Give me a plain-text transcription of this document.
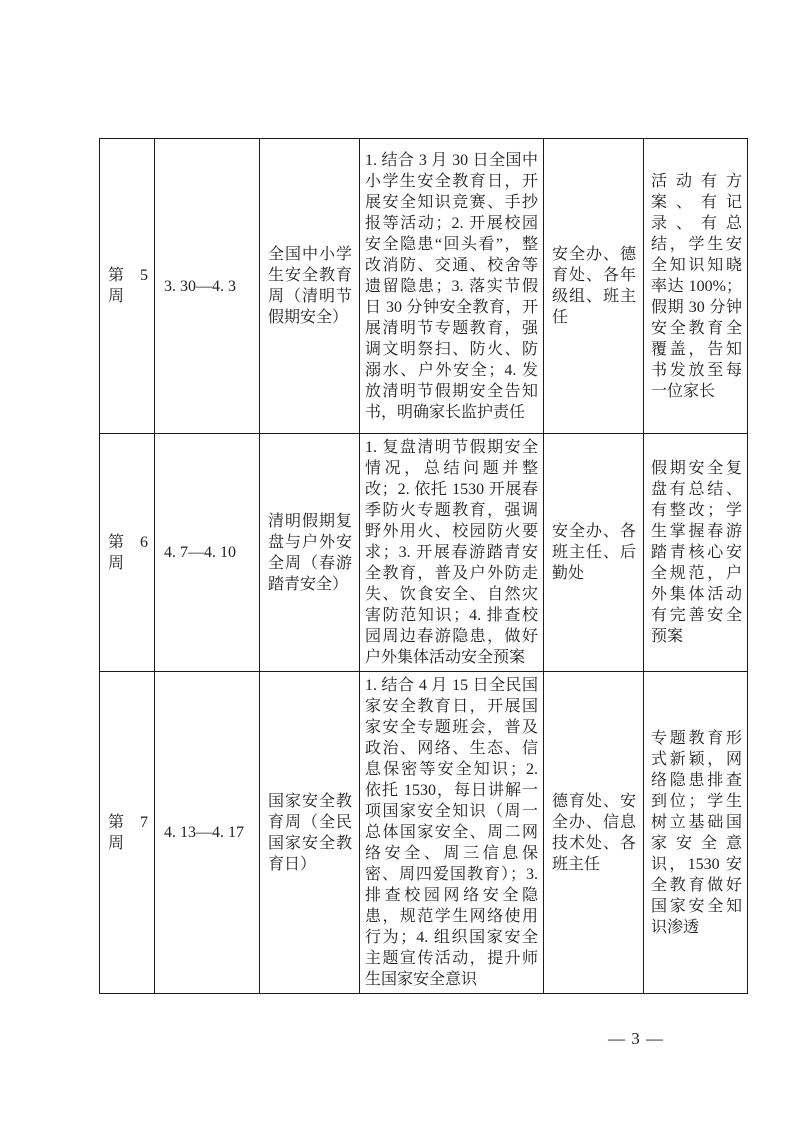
第 5 周	3. 30—4. 3	全国中小学生安全教育周（清明节假期安全）	1. 结合 3 月 30 日全国中小学生安全教育日，开展安全知识竞赛、手抄报等活动；2. 开展校园安全隐患“回头看”，整改消防、交通、校舍等遗留隐患；3. 落实节假日 30 分钟安全教育，开展清明节专题教育，强调文明祭扫、防火、防溺水、户外安全；4. 发放清明节假期安全告知书，明确家长监护责任	安全办、德育处、各年级组、班主任	活动有方案、有记录、有总结，学生安全知识知晓率达 100%；假期 30 分钟安全教育全覆盖，告知书发放至每一位家长
第 6 周	4. 7—4. 10	清明假期复盘与户外安全周（春游踏青安全）	1. 复盘清明节假期安全情况，总结问题并整改；2. 依托 1530 开展春季防火专题教育，强调野外用火、校园防火要求；3. 开展春游踏青安全教育，普及户外防走失、饮食安全、自然灾害防范知识；4. 排查校园周边春游隐患，做好户外集体活动安全预案	安全办、各班主任、后勤处	假期安全复盘有总结、有整改；学生掌握春游踏青核心安全规范，户外集体活动有完善安全预案
第 7 周	4. 13—4. 17	国家安全教育周（全民国家安全教育日）	1. 结合 4 月 15 日全民国家安全教育日，开展国家安全专题班会，普及政治、网络、生态、信息保密等安全知识；2. 依托 1530，每日讲解一项国家安全知识（周一总体国家安全、周二网络安全、周三信息保密、周四爱国教育）；3. 排查校园网络安全隐患，规范学生网络使用行为；4. 组织国家安全主题宣传活动，提升师生国家安全意识	德育处、安全办、信息技术处、各班主任	专题教育形式新颖，网络隐患排查到位；学生树立基础国家安全意识，1530 安全教育做好国家安全知识渗透
— 3 —
